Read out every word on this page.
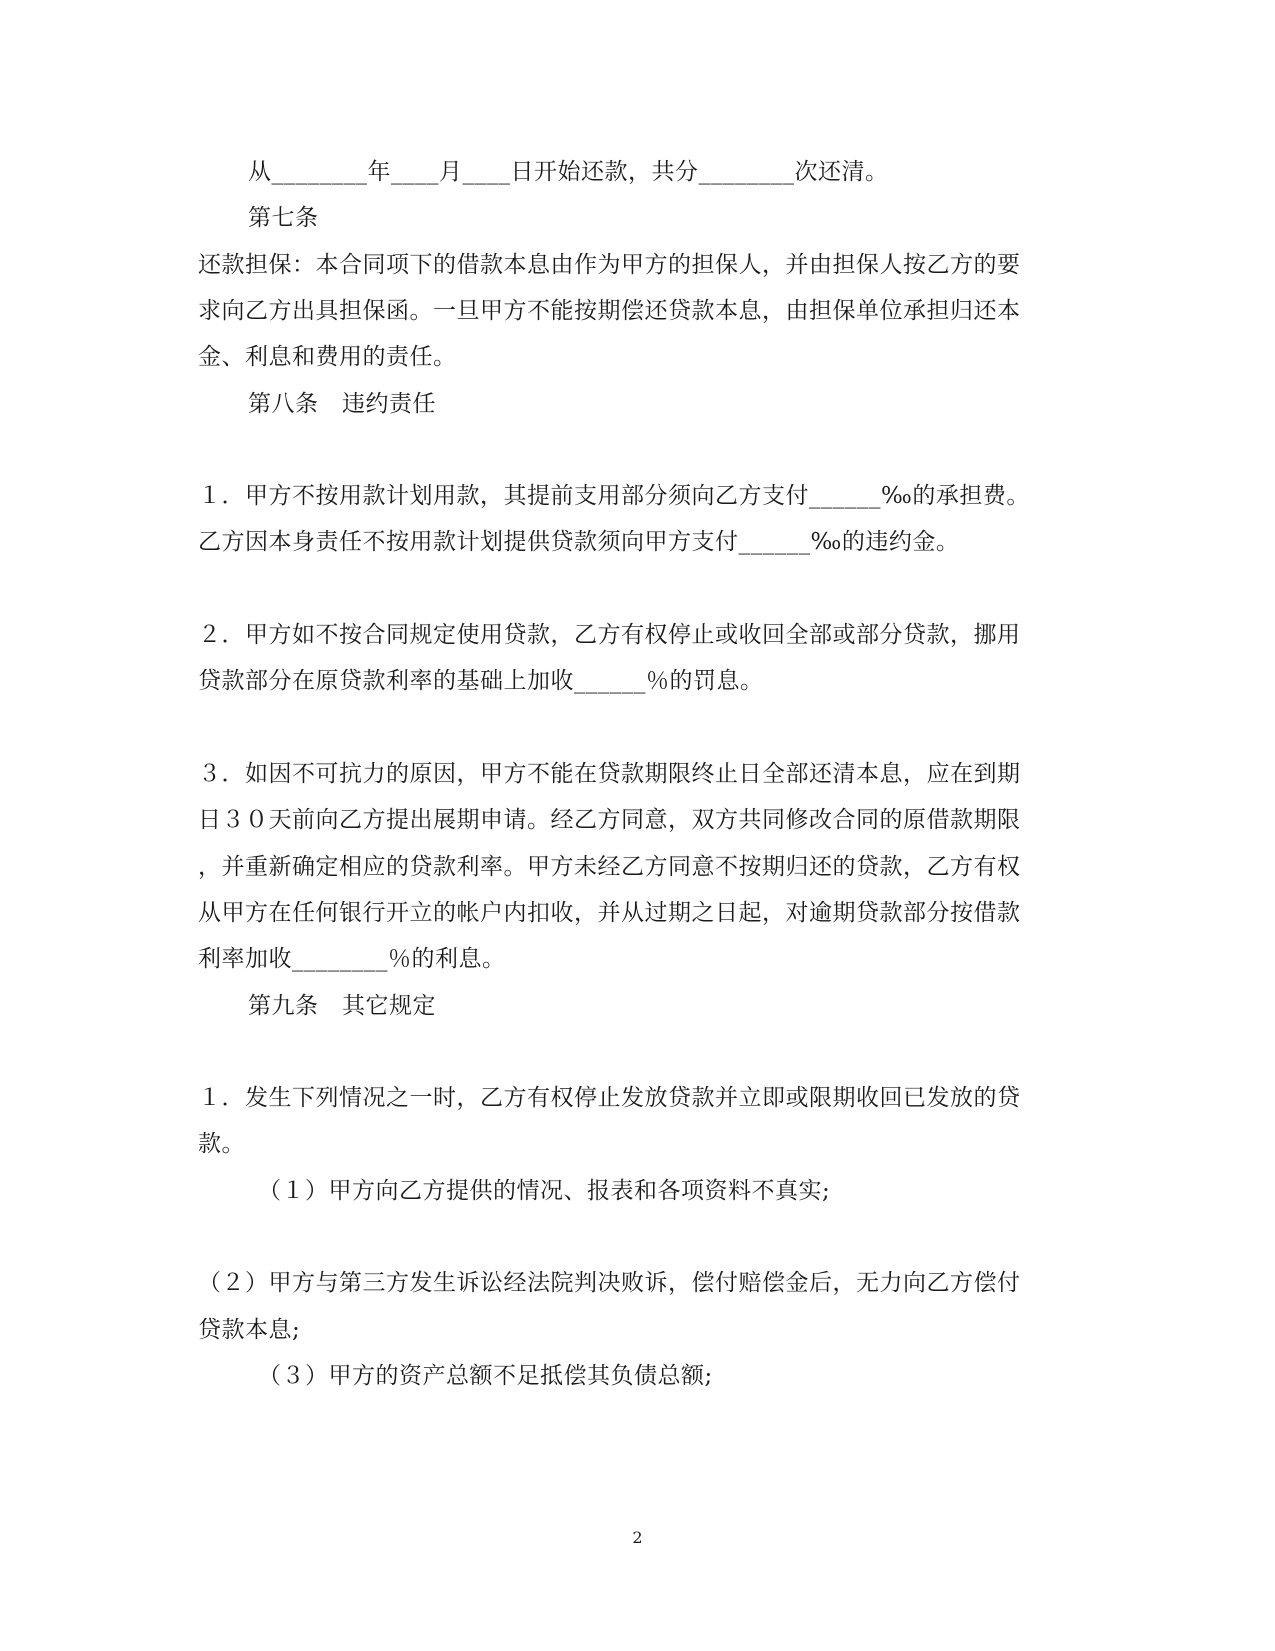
从________年____月____日开始还款，共分________次还清。
第七条
还款担保：本合同项下的借款本息由作为甲方的担保人，并由担保人按乙方的要
求向乙方出具担保函。一旦甲方不能按期偿还贷款本息，由担保单位承担归还本
金、利息和费用的责任。
第八条　违约责任
１．甲方不按用款计划用款，其提前支用部分须向乙方支付______‰的承担费。
乙方因本身责任不按用款计划提供贷款须向甲方支付______‰的违约金。
２．甲方如不按合同规定使用贷款，乙方有权停止或收回全部或部分贷款，挪用
贷款部分在原贷款利率的基础上加收______％的罚息。
３．如因不可抗力的原因，甲方不能在贷款期限终止日全部还清本息，应在到期
日３０天前向乙方提出展期申请。经乙方同意，双方共同修改合同的原借款期限
，并重新确定相应的贷款利率。甲方未经乙方同意不按期归还的贷款，乙方有权
从甲方在任何银行开立的帐户内扣收，并从过期之日起，对逾期贷款部分按借款
利率加收________％的利息。
第九条　其它规定
１．发生下列情况之一时，乙方有权停止发放贷款并立即或限期收回已发放的贷
款。
（１）甲方向乙方提供的情况、报表和各项资料不真实;
（２）甲方与第三方发生诉讼经法院判决败诉，偿付赔偿金后，无力向乙方偿付
贷款本息;
（３）甲方的资产总额不足抵偿其负债总额;
2
